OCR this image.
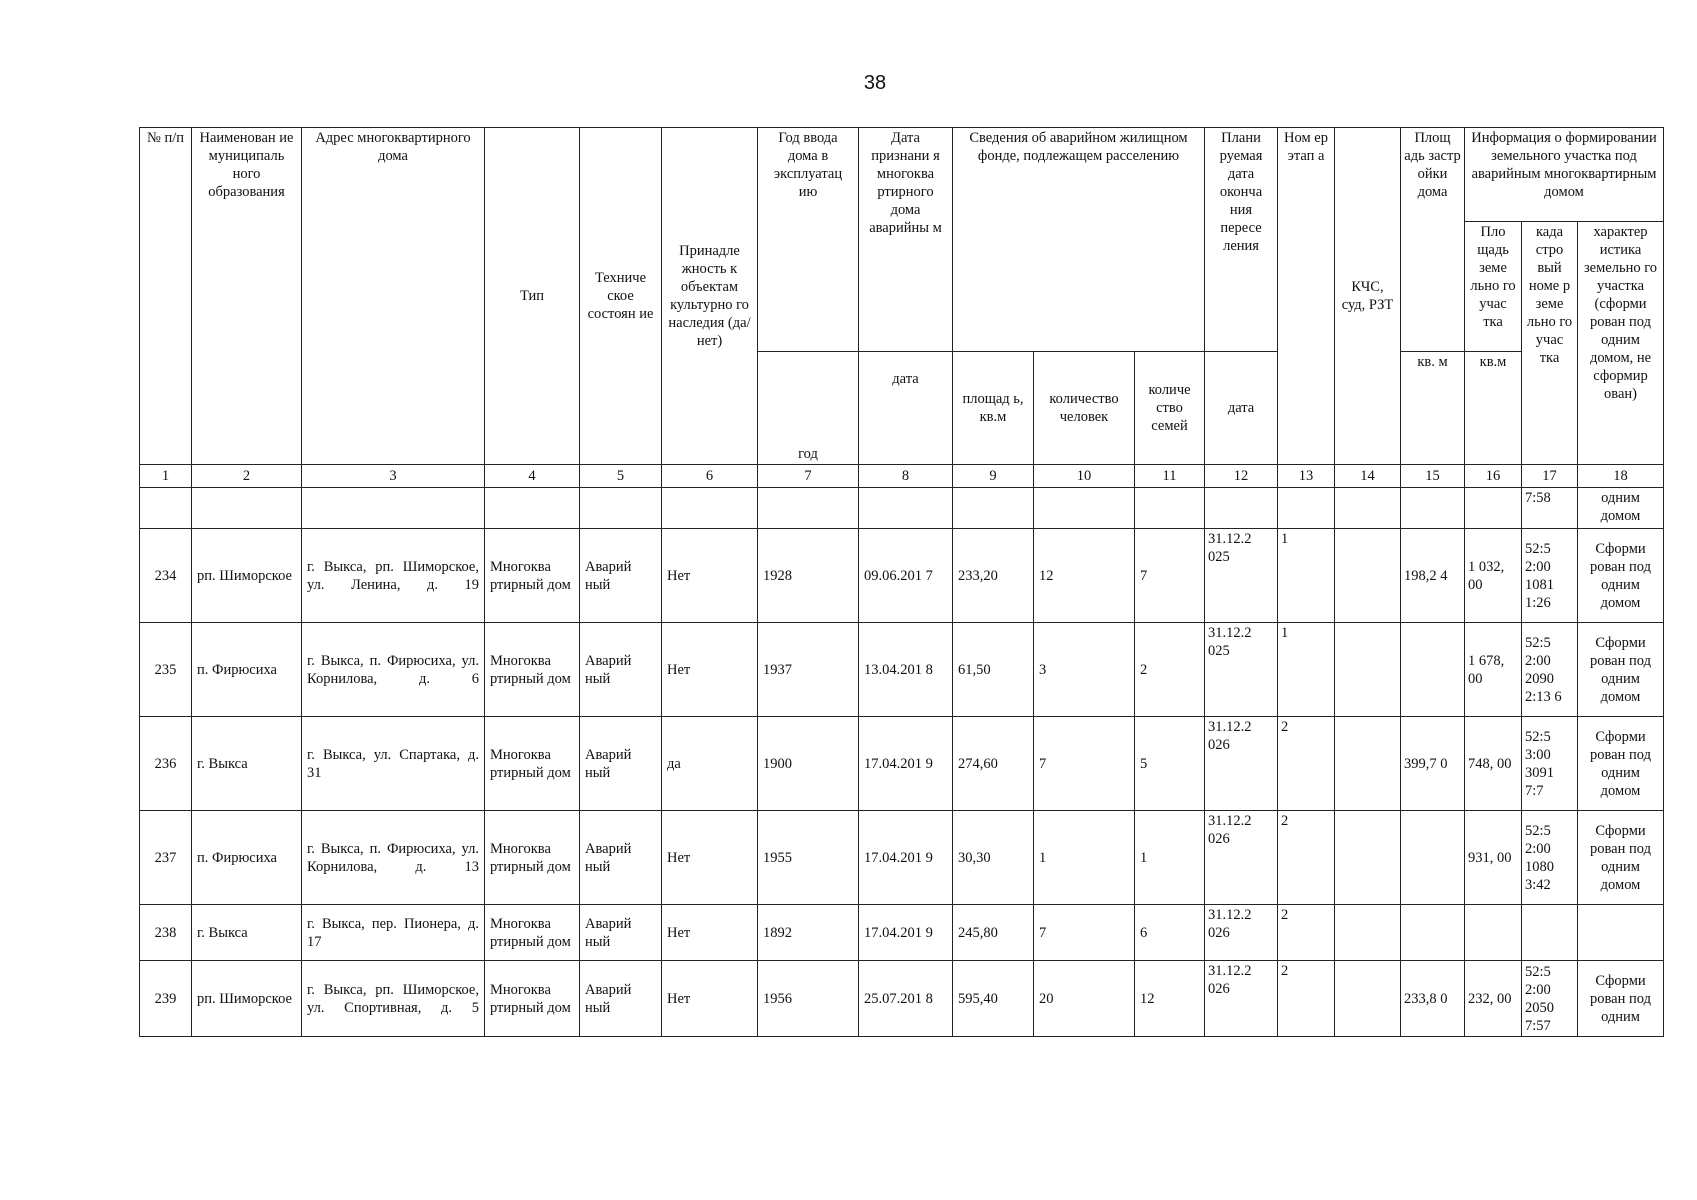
38
№ п/п	Наименован ие муниципаль ного образования	Адрес многоквартирного дома	Тип	Техниче ское состоян ие	Принадле жность к объектам культурно го наследия (да/нет)	Год ввода дома в эксплуатац ию	Дата признани я многоква ртирного дома аварийны м	Сведения об аварийном жилищном фонде, подлежащем расселению			Плани руемая дата оконча ния пересе ления	Ном ер этап а	КЧС, суд, РЗТ	Площ адь застр ойки дома	Информация о формировании земельного участка под аварийным многоквартирным домом		
															Пло щадь земе льно го учас тка	када стро вый номе р земе льно го учас тка	характер истика земельно го участка (сформи рован под одним домом, не сформир ован)
						год	дата	площад ь, кв.м	количество человек	количе ство семей	дата			кв. м	кв.м		
1	2	3	4	5	6	7	8	9	10	11	12	13	14	15	16	17	18
																7:58	одним домом
234	рп. Шиморское	г. Выкса, рп. Шиморское, ул. Ленина, д. 19	Многоква ртирный дом	Аварий ный	Нет	1928	09.06.201 7	233,20	12	7	31.12.2 025	1		198,2 4	1 032, 00	52:5 2:00 1081 1:26	Сформи рован под одним домом
235	п. Фирюсиха	г. Выкса, п. Фирюсиха, ул. Корнилова, д. 6	Многоква ртирный дом	Аварий ный	Нет	1937	13.04.201 8	61,50	3	2	31.12.2 025	1			1 678, 00	52:5 2:00 2090 2:13 6	Сформи рован под одним домом
236	г. Выкса	г. Выкса, ул. Спартака, д. 31	Многоква ртирный дом	Аварий ный	да	1900	17.04.201 9	274,60	7	5	31.12.2 026	2		399,7 0	748, 00	52:5 3:00 3091 7:7	Сформи рован под одним домом
237	п. Фирюсиха	г. Выкса, п. Фирюсиха, ул. Корнилова, д. 13	Многоква ртирный дом	Аварий ный	Нет	1955	17.04.201 9	30,30	1	1	31.12.2 026	2			931, 00	52:5 2:00 1080 3:42	Сформи рован под одним домом
238	г. Выкса	г. Выкса, пер. Пионера, д. 17	Многоква ртирный дом	Аварий ный	Нет	1892	17.04.201 9	245,80	7	6	31.12.2 026	2					
239	рп. Шиморское	г. Выкса, рп. Шиморское, ул. Спортивная, д. 5	Многоква ртирный дом	Аварий ный	Нет	1956	25.07.201 8	595,40	20	12	31.12.2 026	2		233,8 0	232, 00	52:5 2:00 2050 7:57	Сформи рован под одним
